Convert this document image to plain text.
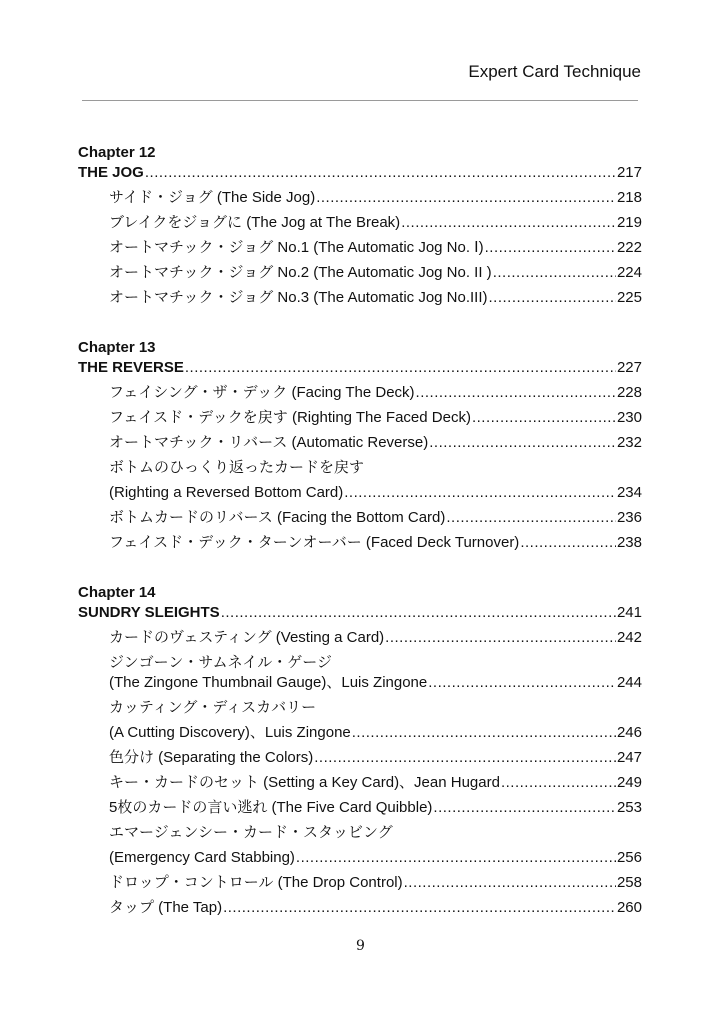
Expert Card Technique
Chapter 12
THE JOG .....	217
サイド・ジョグ (The Side Jog) .....	218
ブレイクをジョグに (The Jog at The Break) .....	219
オートマチック・ジョグ No.1 (The Automatic Jog No. Ⅰ) .....	222
オートマチック・ジョグ No.2 (The Automatic Jog No. II ) .....	224
オートマチック・ジョグ No.3 (The Automatic Jog No.III) .....	225
Chapter 13
THE REVERSE .....	227
フェイシング・ザ・デック (Facing The Deck) .....	228
フェイスド・デックを戻す (Righting The Faced Deck) .....	230
オートマチック・リバース (Automatic Reverse) .....	232
ボトムのひっくり返ったカードを戻す
(Righting a Reversed Bottom Card) .....	234
ボトムカードのリバース (Facing the Bottom Card) .....	236
フェイスド・デック・ターンオーバー (Faced Deck Turnover) .....	238
Chapter 14
SUNDRY SLEIGHTS .....	241
カードのヴェスティング (Vesting a Card) .....	242
ジンゴーン・サムネイル・ゲージ
(The Zingone Thumbnail Gauge)、Luis Zingone .....	244
カッティング・ディスカバリー
(A Cutting Discovery)、Luis Zingone .....	246
色分け (Separating the Colors) .....	247
キー・カードのセット (Setting a Key Card)、Jean Hugard .....	249
5枚のカードの言い逃れ (The Five Card Quibble) .....	253
エマージェンシー・カード・スタッビング
(Emergency Card Stabbing) .....	256
ドロップ・コントロール (The Drop Control) .....	258
タップ (The Tap) .....	260
9
